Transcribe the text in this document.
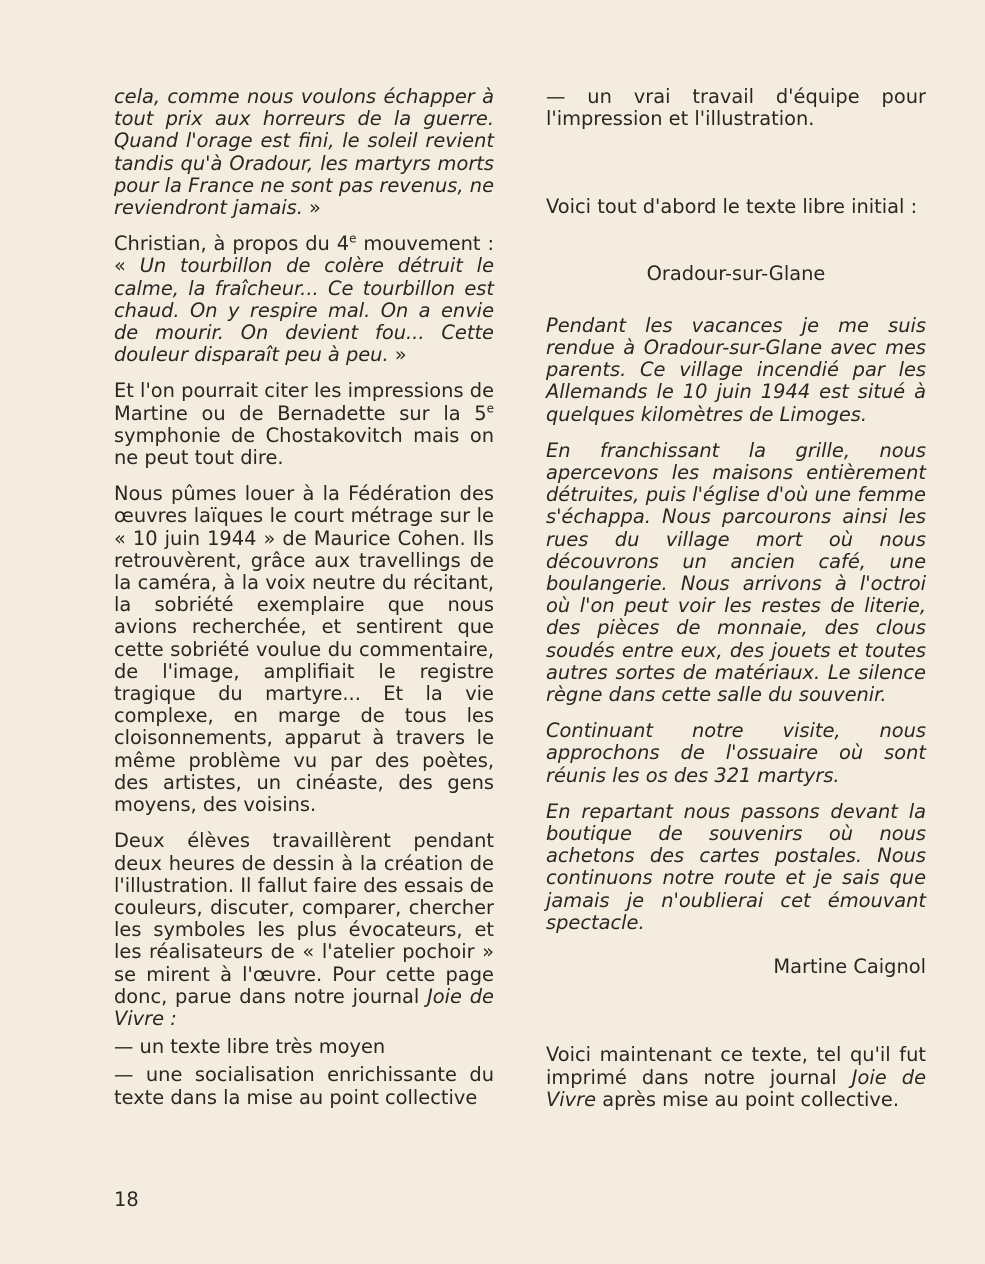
cela, comme nous voulons échapper à tout prix aux horreurs de la guerre. Quand l'orage est fini, le soleil revient tandis qu'à Oradour, les martyrs morts pour la France ne sont pas revenus, ne reviendront jamais. »

Christian, à propos du 4e mouvement : « Un tourbillon de colère détruit le calme, la fraîcheur... Ce tourbillon est chaud. On y respire mal. On a envie de mourir. On devient fou... Cette douleur disparaît peu à peu. »

Et l'on pourrait citer les impressions de Martine ou de Bernadette sur la 5e symphonie de Chostakovitch mais on ne peut tout dire.

Nous pûmes louer à la Fédération des œuvres laïques le court métrage sur le « 10 juin 1944 » de Maurice Cohen. Ils retrouvèrent, grâce aux travellings de la caméra, à la voix neutre du récitant, la sobriété exemplaire que nous avions recherchée, et sentirent que cette sobriété voulue du commentaire, de l'image, amplifiait le registre tragique du martyre... Et la vie complexe, en marge de tous les cloisonnements, apparut à travers le même problème vu par des poètes, des artistes, un cinéaste, des gens moyens, des voisins.

Deux élèves travaillèrent pendant deux heures de dessin à la création de l'illustration. Il fallut faire des essais de couleurs, discuter, comparer, chercher les symboles les plus évocateurs, et les réalisateurs de « l'atelier pochoir » se mirent à l'œuvre. Pour cette page donc, parue dans notre journal Joie de Vivre :

— un texte libre très moyen

— une socialisation enrichissante du texte dans la mise au point collective

— un vrai travail d'équipe pour l'impression et l'illustration.

Voici tout d'abord le texte libre initial :

Oradour-sur-Glane

Pendant les vacances je me suis rendue à Oradour-sur-Glane avec mes parents. Ce village incendié par les Allemands le 10 juin 1944 est situé à quelques kilomètres de Limoges.

En franchissant la grille, nous apercevons les maisons entièrement détruites, puis l'église d'où une femme s'échappa. Nous parcourons ainsi les rues du village mort où nous découvrons un ancien café, une boulangerie. Nous arrivons à l'octroi où l'on peut voir les restes de literie, des pièces de monnaie, des clous soudés entre eux, des jouets et toutes autres sortes de matériaux. Le silence règne dans cette salle du souvenir.

Continuant notre visite, nous approchons de l'ossuaire où sont réunis les os des 321 martyrs.

En repartant nous passons devant la boutique de souvenirs où nous achetons des cartes postales. Nous continuons notre route et je sais que jamais je n'oublierai cet émouvant spectacle.

Martine Caignol

Voici maintenant ce texte, tel qu'il fut imprimé dans notre journal Joie de Vivre après mise au point collective.

18
